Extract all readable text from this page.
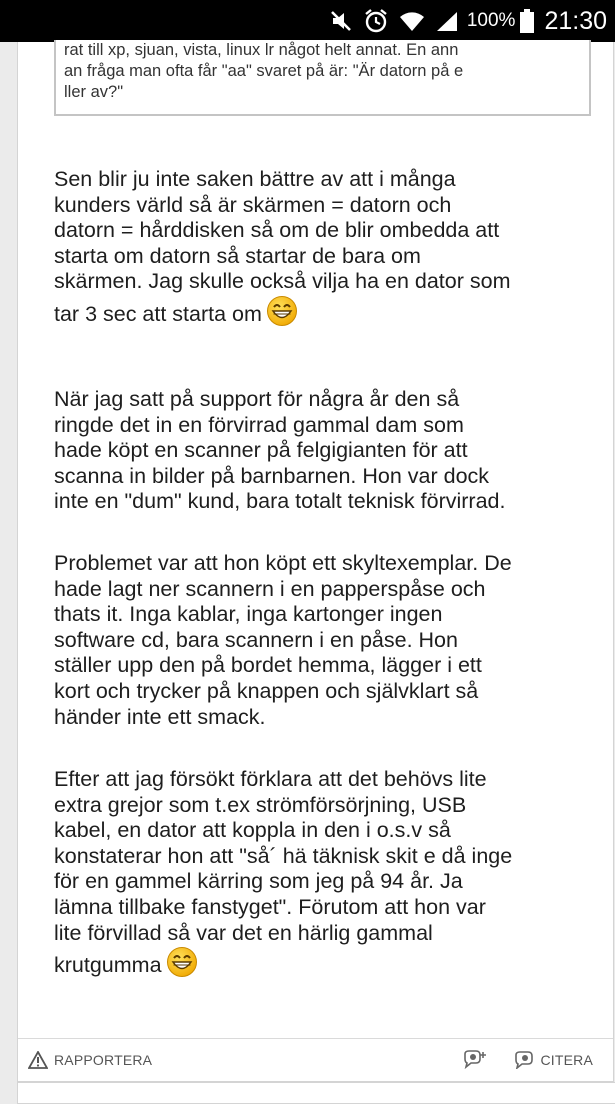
100% 21:30
rat till xp, sjuan, vista, linux lr något helt annat. En ann
an fråga man ofta får "aa" svaret på är: "Är datorn på e
ller av?"
Sen blir ju inte saken bättre av att i många
kunders värld så är skärmen = datorn och
datorn = hårddisken så om de blir ombedda att
starta om datorn så startar de bara om
skärmen. Jag skulle också vilja ha en dator som
tar 3 sec att starta om
När jag satt på support för några år den så
ringde det in en förvirrad gammal dam som
hade köpt en scanner på felgigianten för att
scanna in bilder på barnbarnen. Hon var dock
inte en "dum" kund, bara totalt teknisk förvirrad.
Problemet var att hon köpt ett skyltexemplar. De
hade lagt ner scannern i en papperspåse och
thats it. Inga kablar, inga kartonger ingen
software cd, bara scannern i en påse. Hon
ställer upp den på bordet hemma, lägger i ett
kort och trycker på knappen och självklart så
händer inte ett smack.
Efter att jag försökt förklara att det behövs lite
extra grejor som t.ex strömförsörjning, USB
kabel, en dator att koppla in den i o.s.v så
konstaterar hon att "så´ hä täknisk skit e då inge
för en gammel kärring som jeg på 94 år. Ja
lämna tillbake fanstyget". Förutom att hon var
lite förvillad så var det en härlig gammal
krutgumma
RAPPORTERA	CITERA
